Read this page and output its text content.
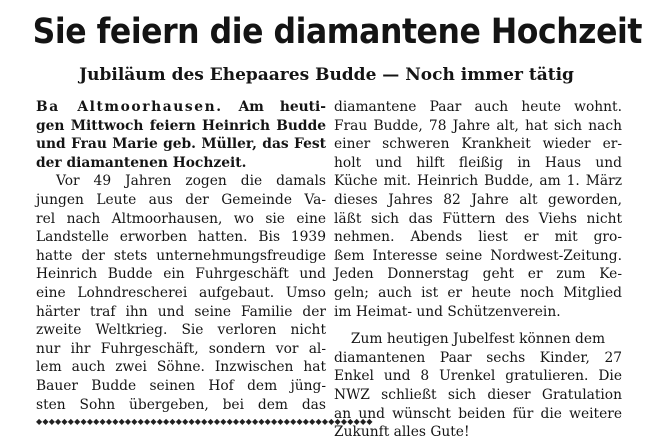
Sie feiern die diamantene Hochzeit
Jubiläum des Ehepaares Budde — Noch immer tätig
Ba Altmoorhausen. Am heuti-
gen Mittwoch feiern Heinrich Budde
und Frau Marie geb. Müller, das Fest
der diamantenen Hochzeit.
Vor 49 Jahren zogen die damals
jungen Leute aus der Gemeinde Va-
rel nach Altmoorhausen, wo sie eine
Landstelle erworben hatten. Bis 1939
hatte der stets unternehmungsfreudige
Heinrich Budde ein Fuhrgeschäft und
eine Lohndrescherei aufgebaut. Umso
härter traf ihn und seine Familie der
zweite Weltkrieg. Sie verloren nicht
nur ihr Fuhrgeschäft, sondern vor al-
lem auch zwei Söhne. Inzwischen hat
Bauer Budde seinen Hof dem jüng-
sten Sohn übergeben, bei dem das
◆◆◆◆◆◆◆◆◆◆◆◆◆◆◆◆◆◆◆◆◆◆◆◆◆◆◆◆◆◆◆◆◆◆◆◆◆◆◆◆◆◆◆◆◆◆◆◆◆◆◆◆◆
diamantene Paar auch heute wohnt.
Frau Budde, 78 Jahre alt, hat sich nach
einer schweren Krankheit wieder er-
holt und hilft fleißig in Haus und
Küche mit. Heinrich Budde, am 1. März
dieses Jahres 82 Jahre alt geworden,
läßt sich das Füttern des Viehs nicht
nehmen. Abends liest er mit gro-
ßem Interesse seine Nordwest-Zeitung.
Jeden Donnerstag geht er zum Ke-
geln; auch ist er heute noch Mitglied
im Heimat- und Schützenverein.
Zum heutigen Jubelfest können dem
diamantenen Paar sechs Kinder, 27
Enkel und 8 Urenkel gratulieren. Die
NWZ schließt sich dieser Gratulation
an und wünscht beiden für die weitere
Zukunft alles Gute!
